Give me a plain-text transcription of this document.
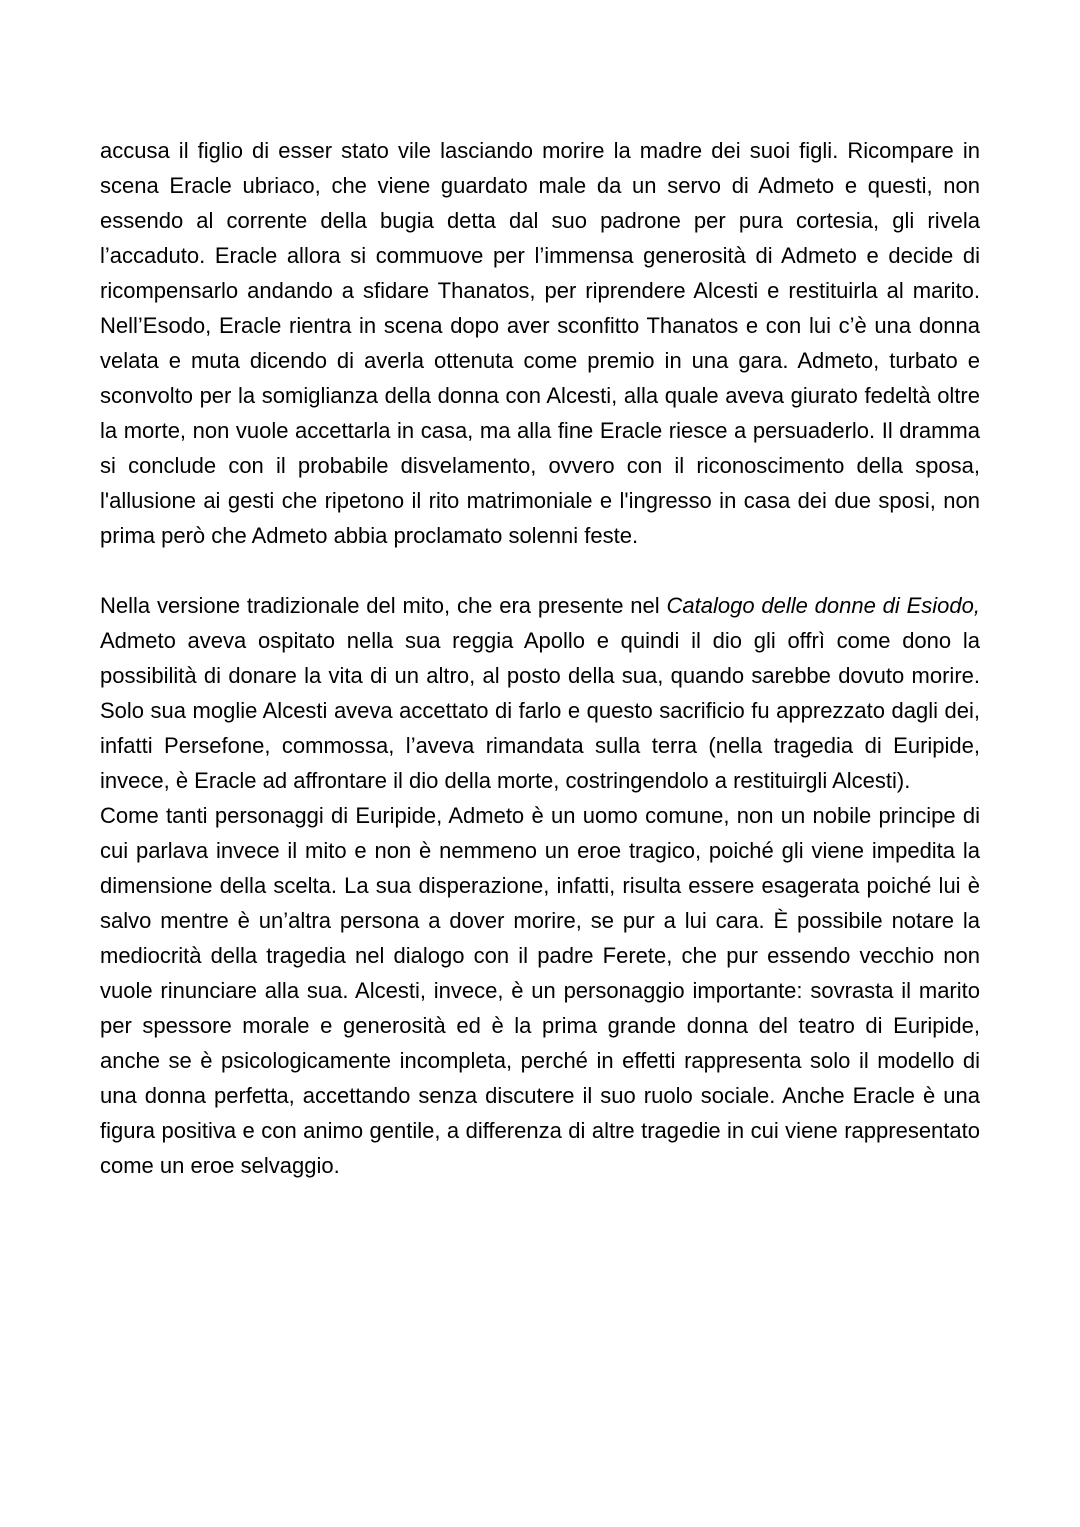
accusa il figlio di esser stato vile lasciando morire la madre dei suoi figli. Ricompare in scena Eracle ubriaco, che viene guardato male da un servo di Admeto e questi, non essendo al corrente della bugia detta dal suo padrone per pura cortesia, gli rivela l’accaduto. Eracle allora si commuove per l’immensa generosità di Admeto e decide di ricompensarlo andando a sfidare Thanatos, per riprendere Alcesti e restituirla al marito. Nell’Esodo, Eracle rientra in scena dopo aver sconfitto Thanatos e con lui c’è una donna velata e muta dicendo di averla ottenuta come premio in una gara. Admeto, turbato e sconvolto per la somiglianza della donna con Alcesti, alla quale aveva giurato fedeltà oltre la morte, non vuole accettarla in casa, ma alla fine Eracle riesce a persuaderlo. Il dramma si conclude con il probabile disvelamento, ovvero con il riconoscimento della sposa, l'allusione ai gesti che ripetono il rito matrimoniale e l'ingresso in casa dei due sposi, non prima però che Admeto abbia proclamato solenni feste.

Nella versione tradizionale del mito, che era presente nel Catalogo delle donne di Esiodo, Admeto aveva ospitato nella sua reggia Apollo e quindi il dio gli offrì come dono la possibilità di donare la vita di un altro, al posto della sua, quando sarebbe dovuto morire. Solo sua moglie Alcesti aveva accettato di farlo e questo sacrificio fu apprezzato dagli dei, infatti Persefone, commossa, l’aveva rimandata sulla terra (nella tragedia di Euripide, invece, è Eracle ad affrontare il dio della morte, costringendolo a restituirgli Alcesti).

Come tanti personaggi di Euripide, Admeto è un uomo comune, non un nobile principe di cui parlava invece il mito e non è nemmeno un eroe tragico, poiché gli viene impedita la dimensione della scelta. La sua disperazione, infatti, risulta essere esagerata poiché lui è salvo mentre è un’altra persona a dover morire, se pur a lui cara. È possibile notare la mediocrità della tragedia nel dialogo con il padre Ferete, che pur essendo vecchio non vuole rinunciare alla sua. Alcesti, invece, è un personaggio importante: sovrasta il marito per spessore morale e generosità ed è la prima grande donna del teatro di Euripide, anche se è psicologicamente incompleta, perché in effetti rappresenta solo il modello di una donna perfetta, accettando senza discutere il suo ruolo sociale. Anche Eracle è una figura positiva e con animo gentile, a differenza di altre tragedie in cui viene rappresentato come un eroe selvaggio.
